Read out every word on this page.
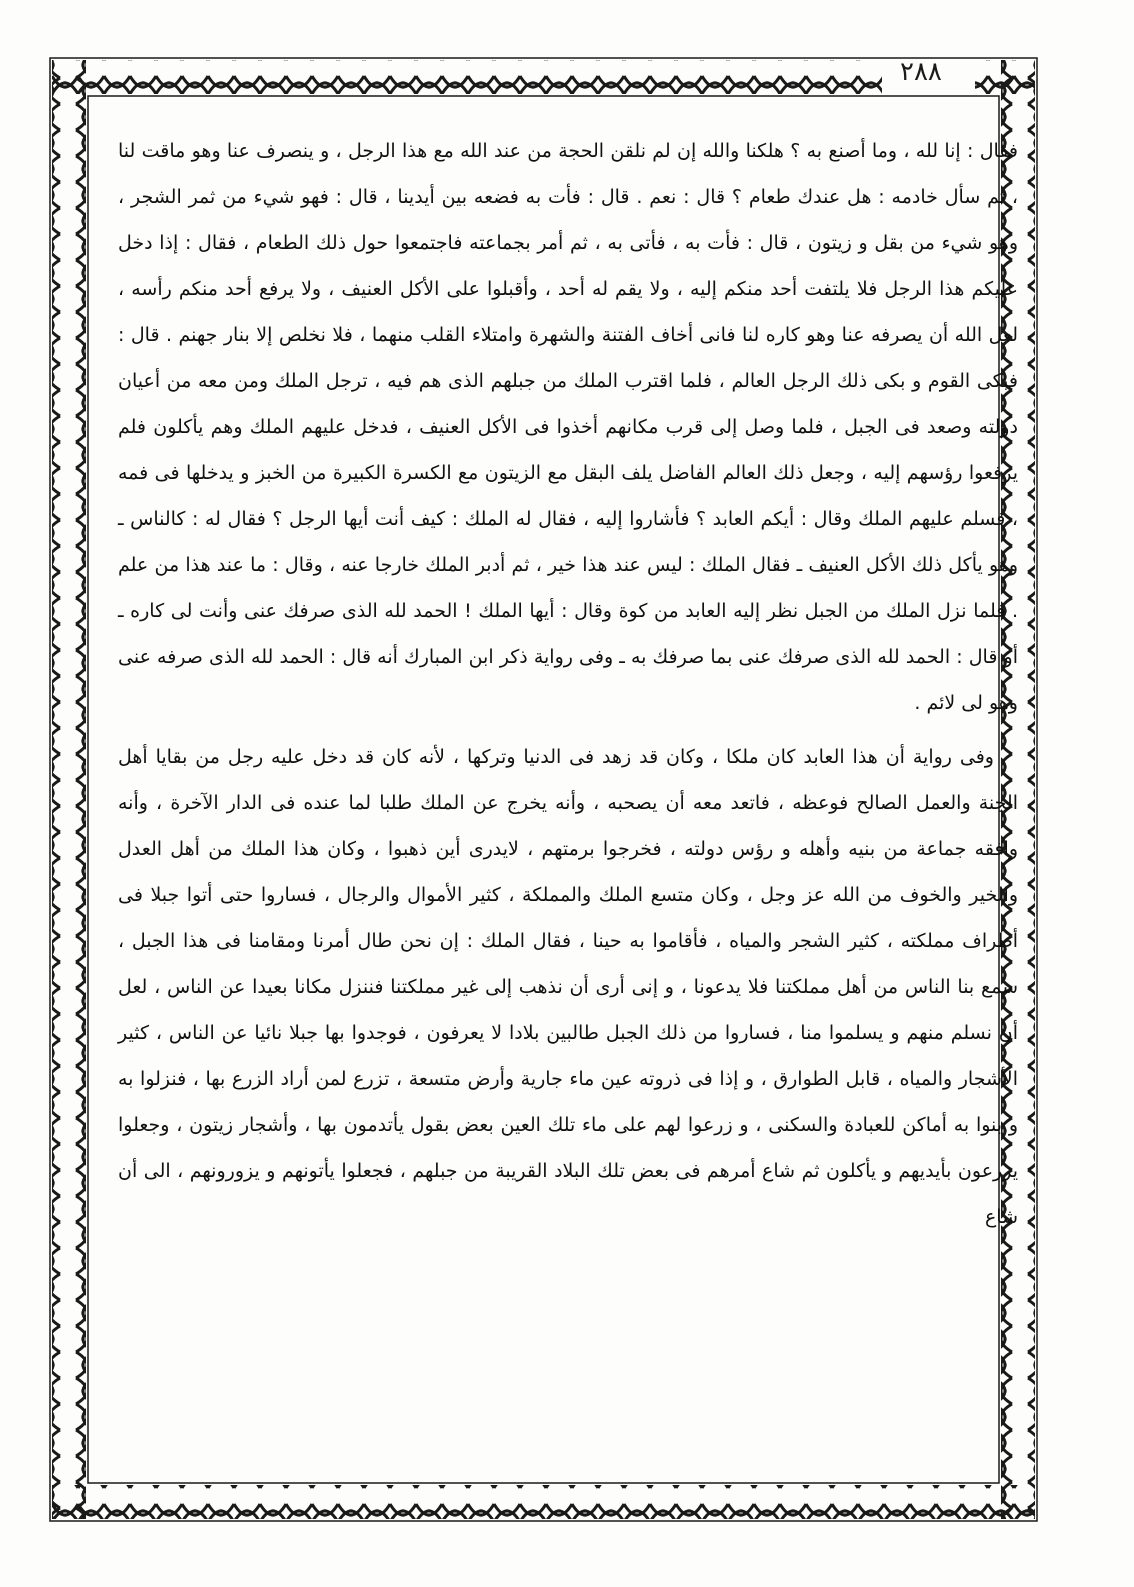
٢٨٨

فقال : إنا لله ، وما أصنع به ؟ هلكنا والله إن لم نلقن الحجة من عند الله مع هذا الرجل ، و ينصرف عنا وهو ماقت لنا ، ثم سأل خادمه : هل عندك طعام ؟ قال : نعم . قال : فأت به فضعه بين أيدينا ، قال : فهو شيء من ثمر الشجر ، وهو شيء من بقل و زيتون ، قال : فأت به ، فأتى به ، ثم أمر بجماعته فاجتمعوا حول ذلك الطعام ، فقال : إذا دخل عليكم هذا الرجل فلا يلتفت أحد منكم إليه ، ولا يقم له أحد ، وأقبلوا على الأكل العنيف ، ولا يرفع أحد منكم رأسه ، لعل الله أن يصرفه عنا وهو كاره لنا فانى أخاف الفتنة والشهرة وامتلاء القلب منهما ، فلا نخلص إلا بنار جهنم . قال : فبكى القوم و بكى ذلك الرجل العالم ، فلما اقترب الملك من جبلهم الذى هم فيه ، ترجل الملك ومن معه من أعيان دولته وصعد فى الجبل ، فلما وصل إلى قرب مكانهم أخذوا فى الأكل العنيف ، فدخل عليهم الملك وهم يأكلون فلم يرفعوا رؤسهم إليه ، وجعل ذلك العالم الفاضل يلف البقل مع الزيتون مع الكسرة الكبيرة من الخبز و يدخلها فى فمه ، فسلم عليهم الملك وقال : أيكم العابد ؟ فأشاروا إليه ، فقال له الملك : كيف أنت أيها الرجل ؟ فقال له : كالناس ـ وهو يأكل ذلك الأكل العنيف ـ فقال الملك : ليس عند هذا خير ، ثم أدبر الملك خارجا عنه ، وقال : ما عند هذا من علم . فلما نزل الملك من الجبل نظر إليه العابد من كوة وقال : أيها الملك ! الحمد لله الذى صرفك عنى وأنت لى كاره ـ أو قال : الحمد لله الذى صرفك عنى بما صرفك به ـ وفى رواية ذكر ابن المبارك أنه قال : الحمد لله الذى صرفه عنى وهو لى لائم .

وفى رواية أن هذا العابد كان ملكا ، وكان قد زهد فى الدنيا وتركها ، لأنه كان قد دخل عليه رجل من بقايا أهل الجنة والعمل الصالح فوعظه ، فاتعد معه أن يصحبه ، وأنه يخرج عن الملك طلبا لما عنده فى الدار الآخرة ، وأنه وافقه جماعة من بنيه وأهله و رؤس دولته ، فخرجوا برمتهم ، لايدرى أين ذهبوا ، وكان هذا الملك من أهل العدل والخير والخوف من الله عز وجل ، وكان متسع الملك والمملكة ، كثير الأموال والرجال ، فساروا حتى أتوا جبلا فى أطراف مملكته ، كثير الشجر والمياه ، فأقاموا به حينا ، فقال الملك : إن نحن طال أمرنا ومقامنا فى هذا الجبل ، سمع بنا الناس من أهل مملكتنا فلا يدعونا ، و إنى أرى أن نذهب إلى غير مملكتنا فننزل مكانا بعيدا عن الناس ، لعل أن نسلم منهم و يسلموا منا ، فساروا من ذلك الجبل طالبين بلادا لا يعرفون ، فوجدوا بها جبلا نائيا عن الناس ، كثير الأشجار والمياه ، قابل الطوارق ، و إذا فى ذروته عين ماء جارية وأرض متسعة ، تزرع لمن أراد الزرع بها ، فنزلوا به و بنوا به أماكن للعبادة والسكنى ، و زرعوا لهم على ماء تلك العين بعض بقول يأتدمون بها ، وأشجار زيتون ، وجعلوا يزرعون بأيديهم و يأكلون ثم شاع أمرهم فى بعض تلك البلاد القريبة من جبلهم ، فجعلوا يأتونهم و يزورونهم ، الى أن شاع
